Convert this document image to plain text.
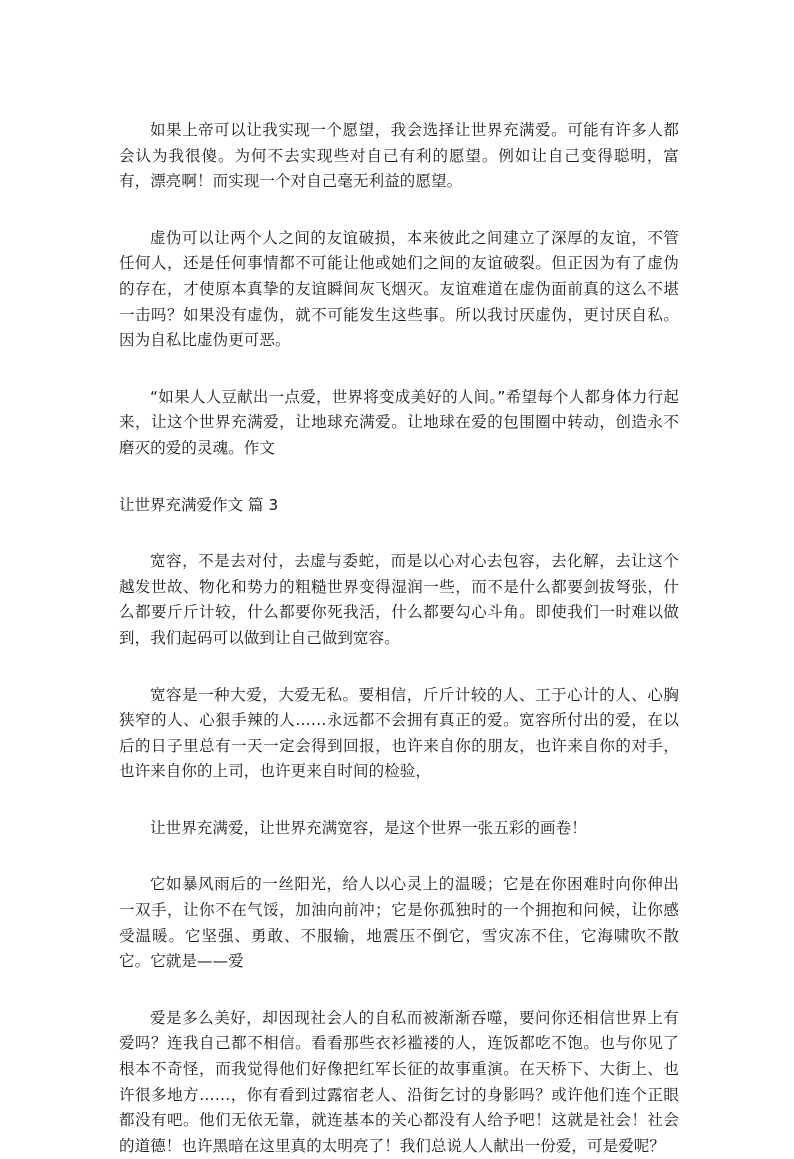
如果上帝可以让我实现一个愿望，我会选择让世界充满爱。可能有许多人都会认为我很傻。为何不去实现些对自己有利的愿望。例如让自己变得聪明，富有，漂亮啊！而实现一个对自己毫无利益的愿望。

虚伪可以让两个人之间的友谊破损，本来彼此之间建立了深厚的友谊，不管任何人，还是任何事情都不可能让他或她们之间的友谊破裂。但正因为有了虚伪的存在，才使原本真挚的友谊瞬间灰飞烟灭。友谊难道在虚伪面前真的这么不堪一击吗？如果没有虚伪，就不可能发生这些事。所以我讨厌虚伪，更讨厌自私。因为自私比虚伪更可恶。

“如果人人豆献出一点爱，世界将变成美好的人间。”希望每个人都身体力行起来，让这个世界充满爱，让地球充满爱。让地球在爱的包围圈中转动，创造永不磨灭的爱的灵魂。作文

让世界充满爱作文 篇 3

宽容，不是去对付，去虚与委蛇，而是以心对心去包容，去化解，去让这个越发世故、物化和势力的粗糙世界变得湿润一些，而不是什么都要剑拔弩张，什么都要斤斤计较，什么都要你死我活，什么都要勾心斗角。即使我们一时难以做到，我们起码可以做到让自己做到宽容。

宽容是一种大爱，大爱无私。要相信，斤斤计较的人、工于心计的人、心胸狭窄的人、心狠手辣的人……永远都不会拥有真正的爱。宽容所付出的爱，在以后的日子里总有一天一定会得到回报，也许来自你的朋友，也许来自你的对手，也许来自你的上司，也许更来自时间的检验，

让世界充满爱，让世界充满宽容，是这个世界一张五彩的画卷！

它如暴风雨后的一丝阳光，给人以心灵上的温暖；它是在你困难时向你伸出一双手，让你不在气馁，加油向前冲；它是你孤独时的一个拥抱和问候，让你感受温暖。它坚强、勇敢、不服输，地震压不倒它，雪灾冻不住，它海啸吹不散它。它就是——爱

爱是多么美好，却因现社会人的自私而被渐渐吞噬，要问你还相信世界上有爱吗？连我自己都不相信。看看那些衣衫褴褛的人，连饭都吃不饱。也与你见了根本不奇怪，而我觉得他们好像把红军长征的故事重演。在天桥下、大街上、也许很多地方……，你有看到过露宿老人、沿街乞讨的身影吗？或许他们连个正眼都没有吧。他们无依无靠，就连基本的关心都没有人给予吧！这就是社会！社会的道德！也许黑暗在这里真的太明亮了！我们总说人人献出一份爱，可是爱呢？
